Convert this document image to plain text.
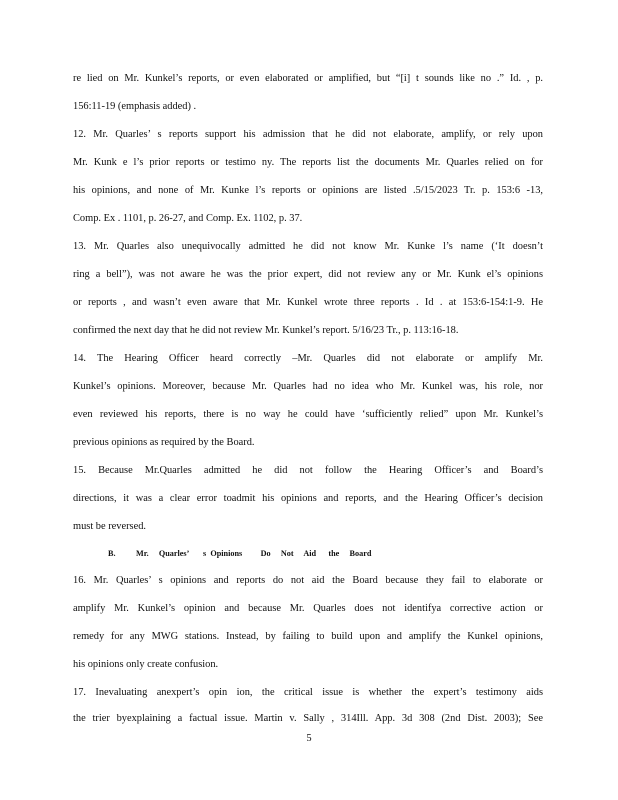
re lied on Mr. Kunkel’s reports, or even elaborated or amplified, but “[i] t sounds like no .” Id. , p.
156:11-19 (emphasis added) .
12. Mr. Quarles’ s reports support his admission that he did not elaborate, amplify, or rely upon
Mr. Kunk e l’s prior reports or testimo ny. The reports list the documents Mr. Quarles relied on for
his opinions, and none of Mr. Kunke l’s reports or opinions are listed .5/15/2023 Tr. p. 153:6 -13,
Comp. Ex . 1101, p. 26-27, and Comp. Ex. 1102, p. 37.
13. Mr. Quarles also unequivocally admitted he did not know Mr. Kunke l’s name (‘It doesn’t
ring a bell”), was not aware he was the prior expert, did not review any or Mr. Kunk el’s opinions
or reports , and wasn’t even aware that Mr. Kunkel wrote three reports . Id . at 153:6-154:1-9. He
confirmed the next day that he did not review Mr. Kunkel’s report. 5/16/23 Tr., p. 113:16-18.
14. The Hearing Officer heard correctly –Mr. Quarles did not elaborate or amplify Mr.
Kunkel’s opinions. Moreover, because Mr. Quarles had no idea who Mr. Kunkel was, his role, nor
even reviewed his reports, there is no way he could have ‘sufficiently relied” upon Mr. Kunkel’s
previous opinions as required by the Board.
15. Because Mr.Quarles admitted he did not follow the Hearing Officer’s and Board’s
directions, it was a clear error toadmit his opinions and reports, and the Hearing Officer’s decision
must be reversed.
B.          Mr.     Quarles’       s  Opinions         Do     Not     Aid      the     Board
16. Mr. Quarles’ s opinions and reports do not aid the Board because they fail to elaborate or
amplify Mr. Kunkel’s opinion and because Mr. Quarles does not identifya corrective action or
remedy for any MWG stations. Instead, by failing to build upon and amplify the Kunkel opinions,
his opinions only create confusion.
17. Inevaluating anexpert’s opin ion, the critical issue is whether the expert’s testimony aids
the trier byexplaining a factual issue. Martin v. Sally , 314Ill. App. 3d 308 (2nd Dist. 2003); See
5
